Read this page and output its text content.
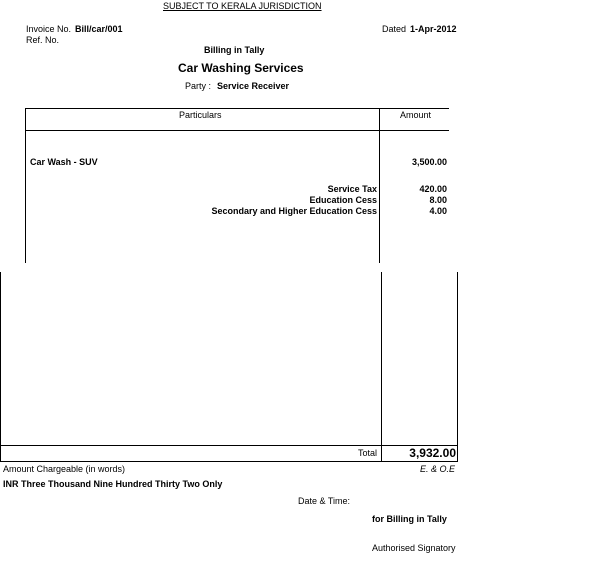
SUBJECT TO KERALA JURISDICTION
Invoice No. Bill/car/001	Dated 1-Apr-2012
Ref. No.
Billing in Tally
Car Washing Services
Party : Service Receiver
Particulars	Amount
Car Wash - SUV	3,500.00
Service Tax	420.00
Education Cess	8.00
Secondary and Higher Education Cess	4.00
Total	3,932.00
Amount Chargeable (in words)	E. & O.E
INR Three Thousand Nine Hundred Thirty Two Only
Date & Time:
for Billing in Tally
Authorised Signatory
